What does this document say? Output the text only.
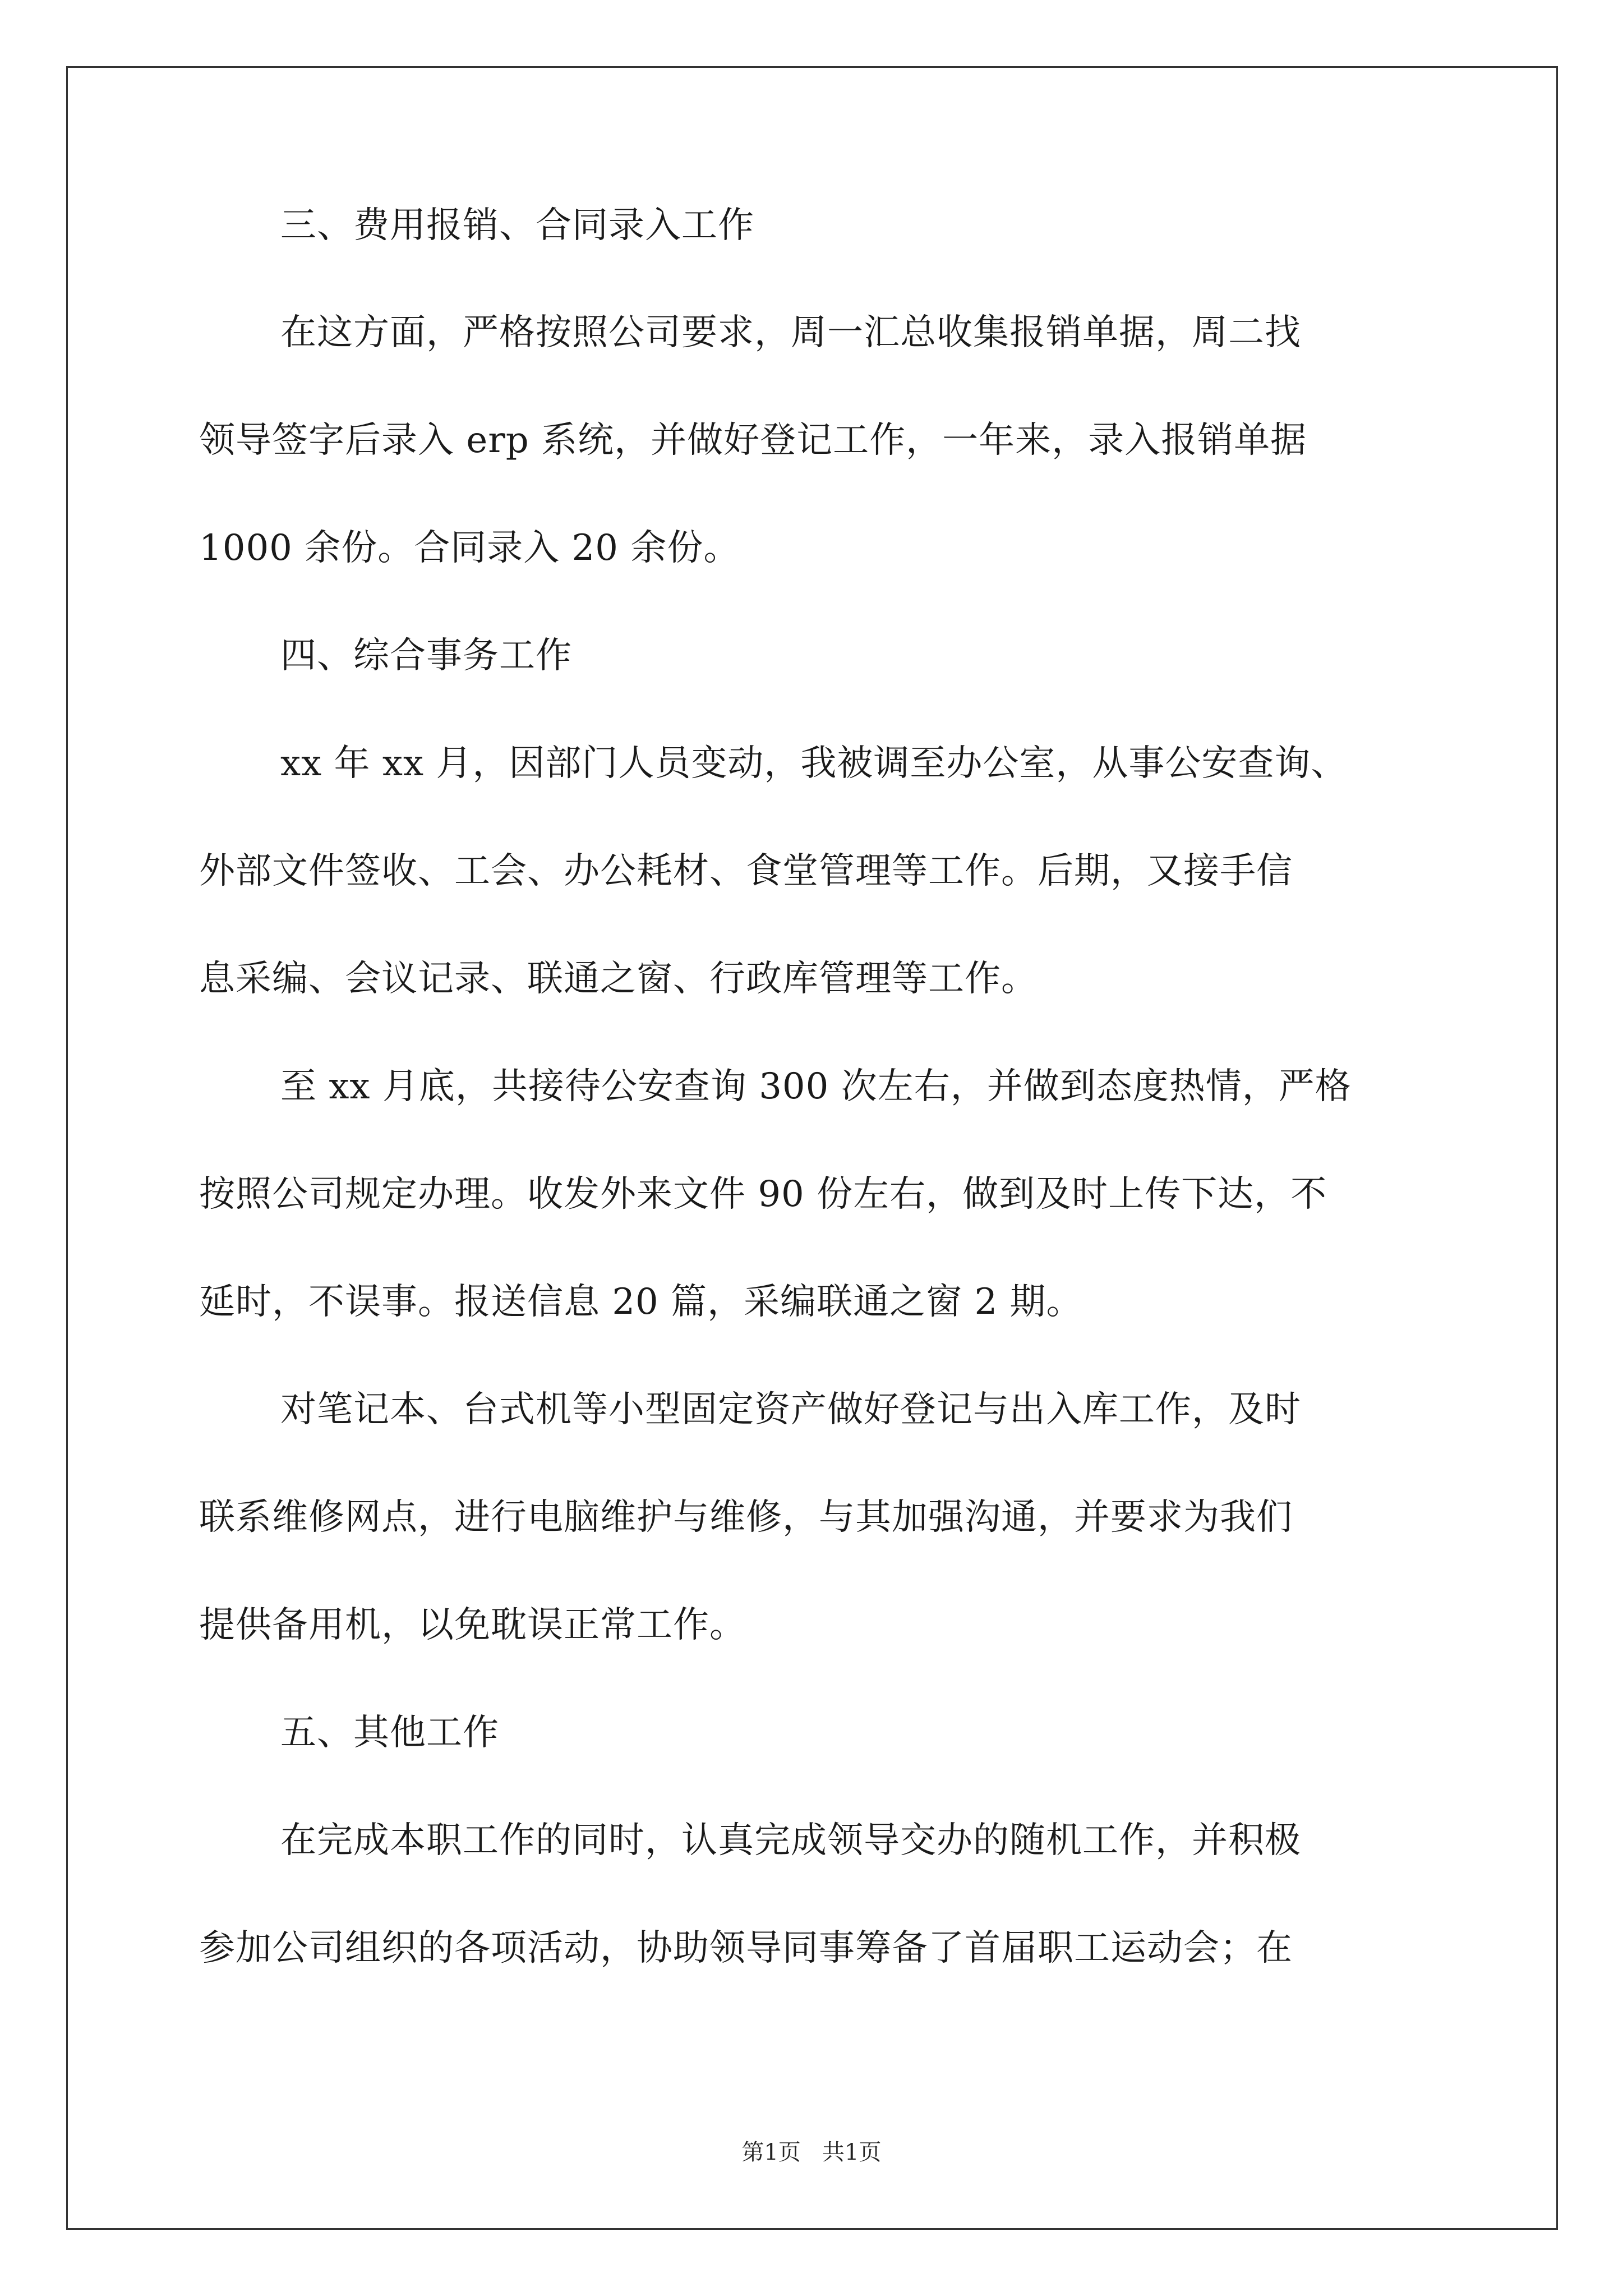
三、费用报销、合同录入工作
在这方面，严格按照公司要求，周一汇总收集报销单据，周二找
领导签字后录入 erp 系统，并做好登记工作，一年来，录入报销单据
1000 余份。合同录入 20 余份。
四、综合事务工作
xx 年 xx 月，因部门人员变动，我被调至办公室，从事公安查询、
外部文件签收、工会、办公耗材、食堂管理等工作。后期，又接手信
息采编、会议记录、联通之窗、行政库管理等工作。
至 xx 月底，共接待公安查询 300 次左右，并做到态度热情，严格
按照公司规定办理。收发外来文件 90 份左右，做到及时上传下达，不
延时，不误事。报送信息 20 篇，采编联通之窗 2 期。
对笔记本、台式机等小型固定资产做好登记与出入库工作，及时
联系维修网点，进行电脑维护与维修，与其加强沟通，并要求为我们
提供备用机，以免耽误正常工作。
五、其他工作
在完成本职工作的同时，认真完成领导交办的随机工作，并积极
参加公司组织的各项活动，协助领导同事筹备了首届职工运动会；在
第1页   共1页
